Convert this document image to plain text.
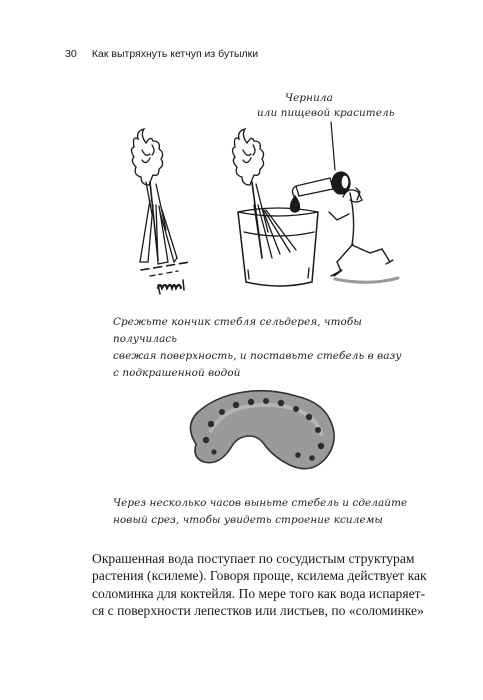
30 Как вытряхнуть кетчуп из бутылки
Чернила
или пищевой краситель
Срежьте кончик стебля сельдерея, чтобы получилась
свежая поверхность, и поставьте стебель в вазу
с подкрашенной водой
Через несколько часов выньте стебель и сделайте
новый срез, чтобы увидеть строение ксилемы
Окрашенная вода поступает по сосудистым структурам
растения (ксилеме). Говоря проще, ксилема действует как
соломинка для коктейля. По мере того как вода испаряет-
ся с поверхности лепестков или листьев, по «соломинке»
